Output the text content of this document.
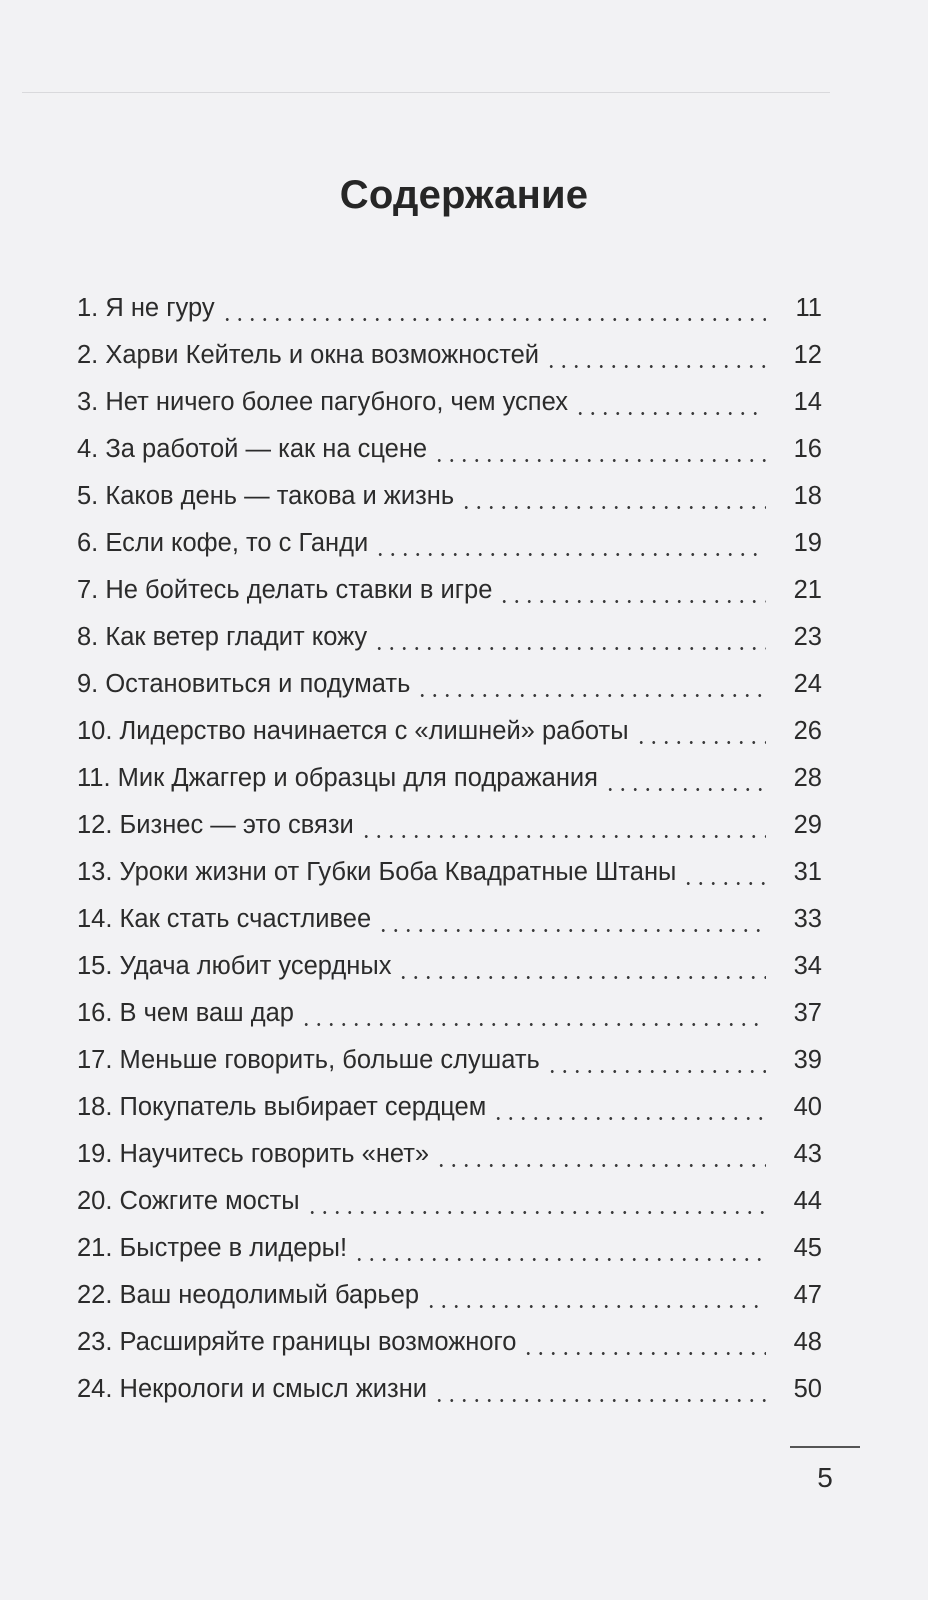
Содержание
1. Я не гуру	11
2. Харви Кейтель и окна возможностей	12
3. Нет ничего более пагубного, чем успех	14
4. За работой — как на сцене	16
5. Каков день — такова и жизнь	18
6. Если кофе, то с Ганди	19
7. Не бойтесь делать ставки в игре	21
8. Как ветер гладит кожу	23
9. Остановиться и подумать	24
10. Лидерство начинается с «лишней» работы	26
11. Мик Джаггер и образцы для подражания	28
12. Бизнес — это связи	29
13. Уроки жизни от Губки Боба Квадратные Штаны	31
14. Как стать счастливее	33
15. Удача любит усердных	34
16. В чем ваш дар	37
17. Меньше говорить, больше слушать	39
18. Покупатель выбирает сердцем	40
19. Научитесь говорить «нет»	43
20. Сожгите мосты	44
21. Быстрее в лидеры!	45
22. Ваш неодолимый барьер	47
23. Расширяйте границы возможного	48
24. Некрологи и смысл жизни	50
5
